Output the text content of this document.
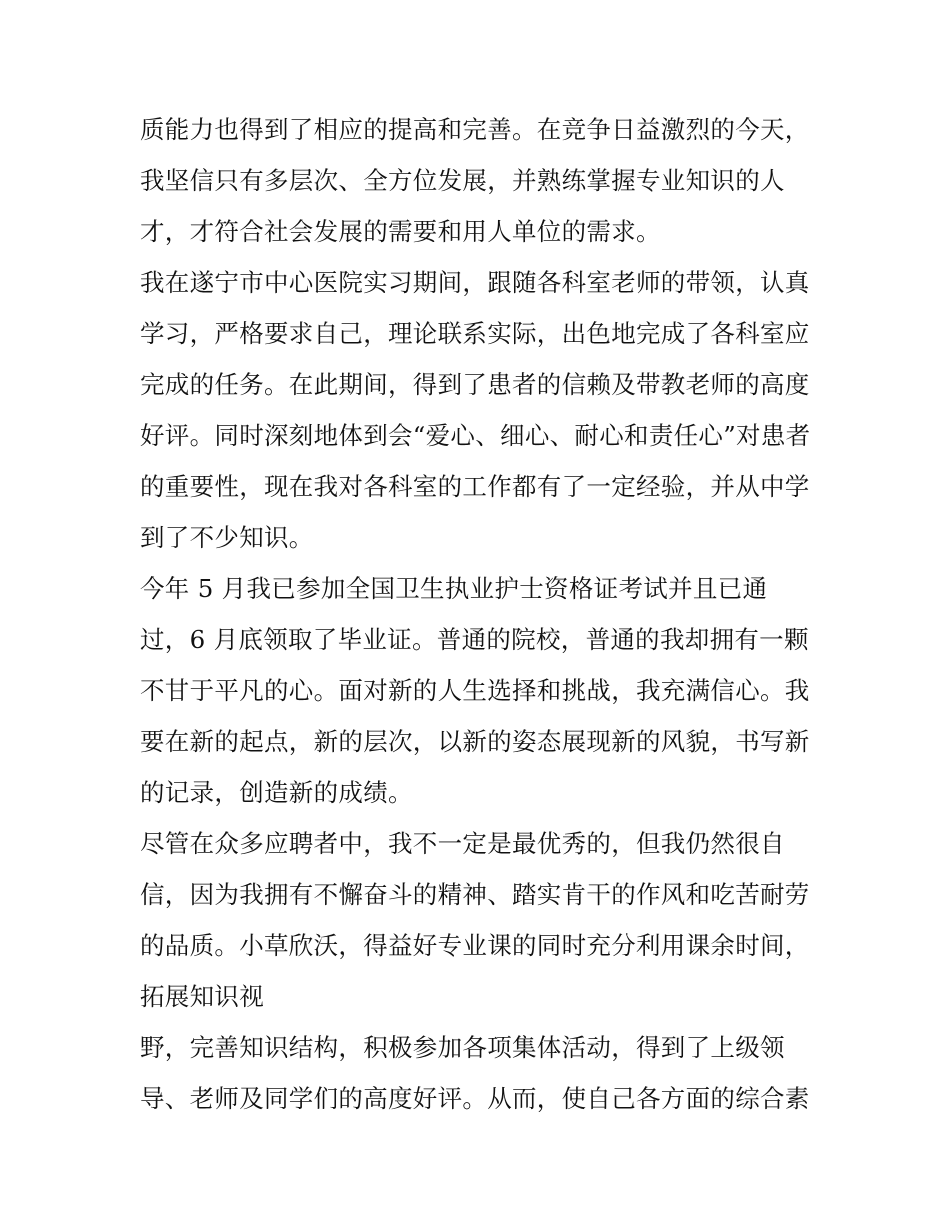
质能力也得到了相应的提高和完善。在竞争日益激烈的今天，
我坚信只有多层次、全方位发展，并熟练掌握专业知识的人
才，才符合社会发展的需要和用人单位的需求。
我在遂宁市中心医院实习期间，跟随各科室老师的带领，认真
学习，严格要求自己，理论联系实际，出色地完成了各科室应
完成的任务。在此期间，得到了患者的信赖及带教老师的高度
好评。同时深刻地体到会“爱心、细心、耐心和责任心”对患者
的重要性，现在我对各科室的工作都有了一定经验，并从中学
到了不少知识。
今年 5 月我已参加全国卫生执业护士资格证考试并且已通
过，6 月底领取了毕业证。普通的院校，普通的我却拥有一颗
不甘于平凡的心。面对新的人生选择和挑战，我充满信心。我
要在新的起点，新的层次，以新的姿态展现新的风貌，书写新
的记录，创造新的成绩。
尽管在众多应聘者中，我不一定是最优秀的，但我仍然很自
信，因为我拥有不懈奋斗的精神、踏实肯干的作风和吃苦耐劳
的品质。小草欣沃，得益好专业课的同时充分利用课余时间，
拓展知识视
野，完善知识结构，积极参加各项集体活动，得到了上级领
导、老师及同学们的高度好评。从而，使自己各方面的综合素
